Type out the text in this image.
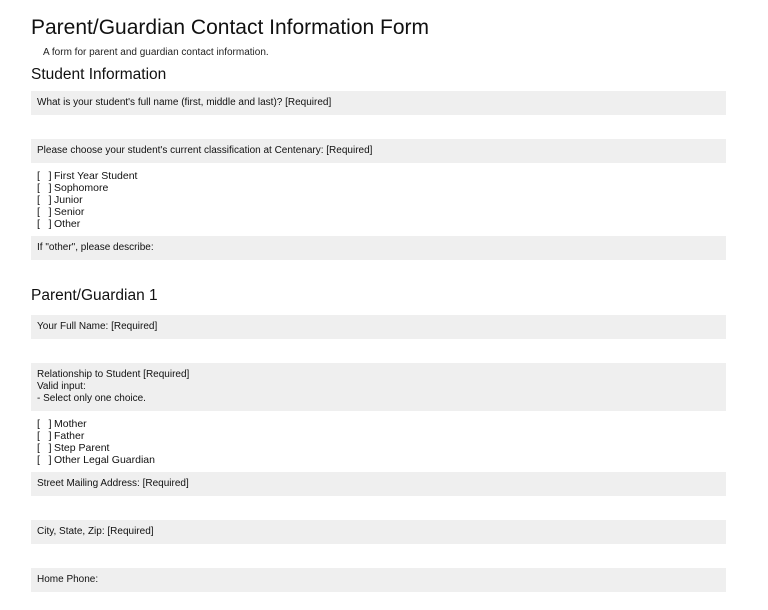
Parent/Guardian Contact Information Form
A form for parent and guardian contact information.
Student Information
What is your student's full name (first, middle and last)? [Required]
Please choose your student's current classification at Centenary: [Required]
[   ] First Year Student
[   ] Sophomore
[   ] Junior
[   ] Senior
[   ] Other
If "other", please describe:
Parent/Guardian 1
Your Full Name: [Required]
Relationship to Student [Required]
Valid input:
- Select only one choice.
[   ] Mother
[   ] Father
[   ] Step Parent
[   ] Other Legal Guardian
Street Mailing Address: [Required]
City, State, Zip: [Required]
Home Phone:
